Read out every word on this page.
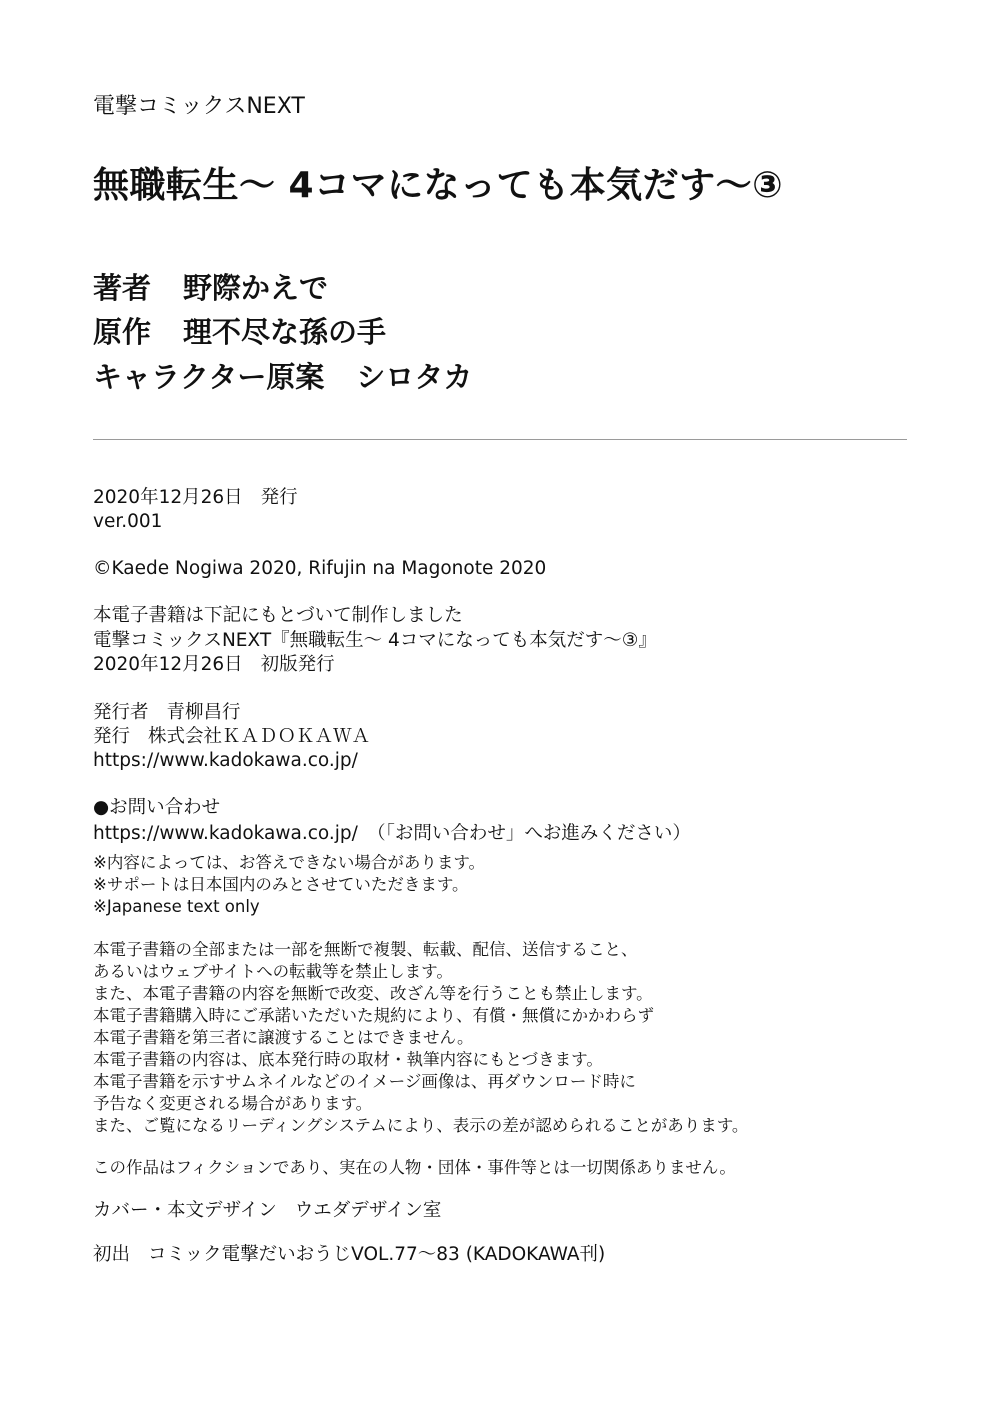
電撃コミックスNEXT
無職転生～ 4コマになっても本気だす～③
著者 野際かえで
原作 理不尽な孫の手
キャラクター原案 シロタカ
2020年12月26日 発行
ver.001
©Kaede Nogiwa 2020, Rifujin na Magonote 2020
本電子書籍は下記にもとづいて制作しました
電撃コミックスNEXT『無職転生～ 4コマになっても本気だす～③』
2020年12月26日 初版発行
発行者 青柳昌行
発行 株式会社ＫＡＤＯＫＡＷＡ
https://www.kadokawa.co.jp/
●お問い合わせ
https://www.kadokawa.co.jp/　（「お問い合わせ」へお進みください）
※内容によっては、お答えできない場合があります。
※サポートは日本国内のみとさせていただきます。
※Japanese text only
本電子書籍の全部または一部を無断で複製、転載、配信、送信すること、
あるいはウェブサイトへの転載等を禁止します。
また、本電子書籍の内容を無断で改変、改ざん等を行うことも禁止します。
本電子書籍購入時にご承諾いただいた規約により、有償・無償にかかわらず
本電子書籍を第三者に譲渡することはできません。
本電子書籍の内容は、底本発行時の取材・執筆内容にもとづきます。
本電子書籍を示すサムネイルなどのイメージ画像は、再ダウンロード時に
予告なく変更される場合があります。
また、ご覧になるリーディングシステムにより、表示の差が認められることがあります。
この作品はフィクションであり、実在の人物・団体・事件等とは一切関係ありません。
カバー・本文デザイン ウエダデザイン室
初出 コミック電撃だいおうじVOL.77～83 (KADOKAWA刊)
